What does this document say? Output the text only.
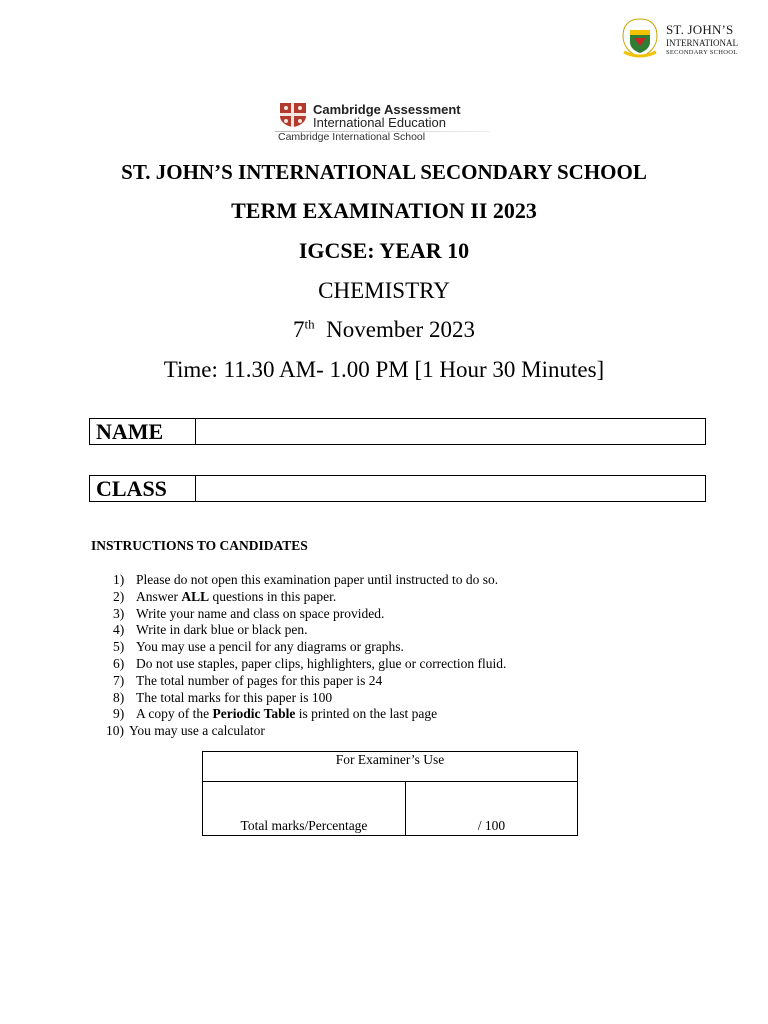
ST. JOHN’S
INTERNATIONAL
SECONDARY SCHOOL
Cambridge Assessment
International Education
Cambridge International School
ST. JOHN’S INTERNATIONAL SECONDARY SCHOOL
TERM EXAMINATION II 2023
IGCSE: YEAR 10
CHEMISTRY
7th November 2023
Time: 11.30 AM- 1.00 PM [1 Hour 30 Minutes]
NAME
CLASS
INSTRUCTIONS TO CANDIDATES
1) Please do not open this examination paper until instructed to do so.
2) Answer ALL questions in this paper.
3) Write your name and class on space provided.
4) Write in dark blue or black pen.
5) You may use a pencil for any diagrams or graphs.
6) Do not use staples, paper clips, highlighters, glue or correction fluid.
7) The total number of pages for this paper is 24
8) The total marks for this paper is 100
9) A copy of the Periodic Table is printed on the last page
10) You may use a calculator
For Examiner’s Use
Total marks/Percentage	/ 100
